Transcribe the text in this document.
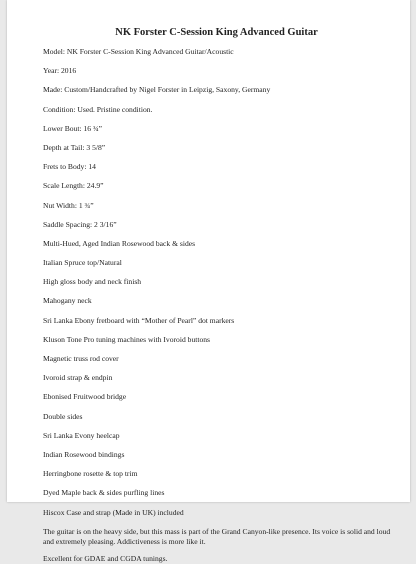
NK Forster C-Session King Advanced Guitar
Model: NK Forster C-Session King Advanced Guitar/Acoustic
Year: 2016
Made: Custom/Handcrafted by Nigel Forster in Leipzig, Saxony, Germany
Condition: Used. Pristine condition.
Lower Bout: 16 ¾”
Depth at Tail: 3 5/8”
Frets to Body: 14
Scale Length: 24.9”
Nut Width: 1 ¾”
Saddle Spacing: 2 3/16”
Multi-Hued, Aged Indian Rosewood back & sides
Italian Spruce top/Natural
High gloss body and neck finish
Mahogany neck
Sri Lanka Ebony fretboard with “Mother of Pearl” dot markers
Kluson Tone Pro tuning machines with Ivoroid buttons
Magnetic truss rod cover
Ivoroid strap & endpin
Ebonised Fruitwood bridge
Double sides
Sri Lanka Evony heelcap
Indian Rosewood bindings
Herringbone rosette & top trim
Dyed Maple back & sides purfling lines
Hiscox Case and strap (Made in UK) included
The guitar is on the heavy side, but this mass is part of the Grand Canyon-like presence. Its voice is solid and loud and extremely pleasing. Addictiveness is more like it.
Excellent for GDAE and CGDA tunings.
